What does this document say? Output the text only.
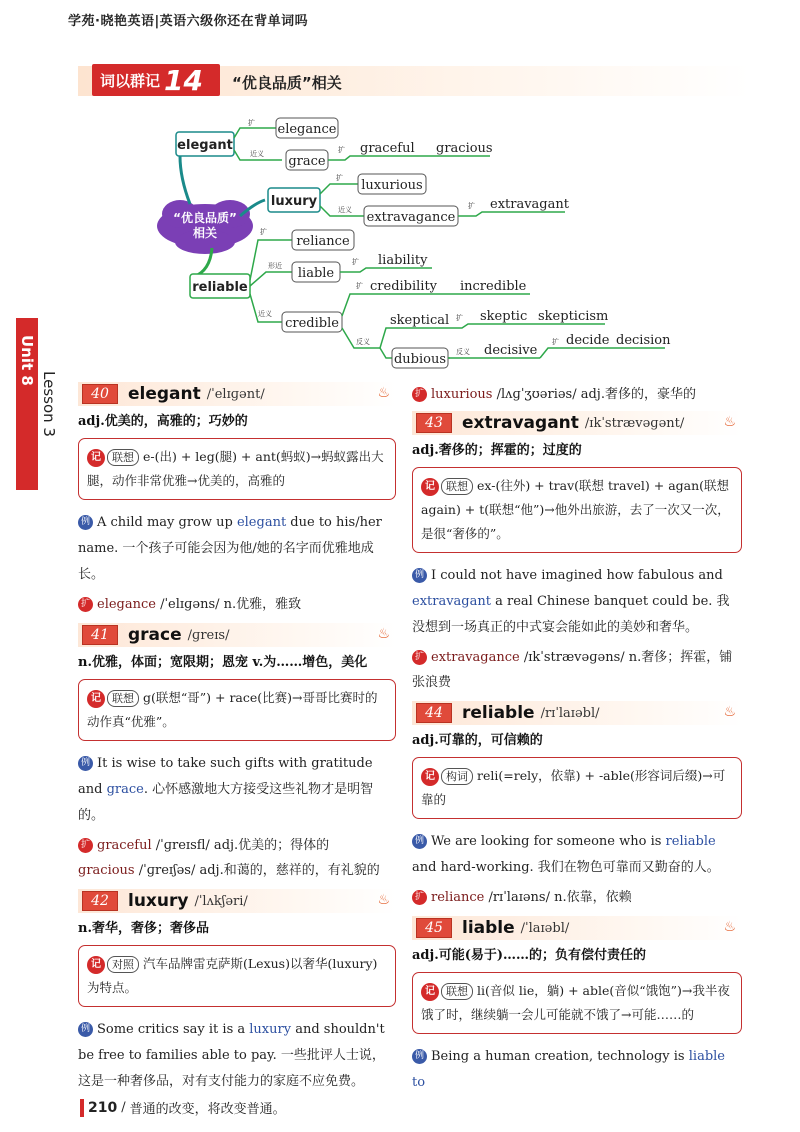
学苑·晓艳英语|英语六级你还在背单词吗
词以群记 14 “优良品质”相关
Unit 8
Lesson 3
“优良品质”相关
elegant
扩
近义
elegance
grace
扩 graceful gracious
luxury
扩
近义
luxurious
extravagance
扩 extravagant
reliable
扩
形近
近义
reliance
liable
扩 liability
credible
扩 credibility incredible
反义
skeptical 扩 skeptic skepticism
dubious 反义 decisive
扩 decide decision
40	elegant /ˈelɪɡənt/	♨
adj.优美的，高雅的；巧妙的
记 联想 e-(出) + leg(腿) + ant(蚂蚁)→蚂蚁露出大腿，动作非常优雅→优美的，高雅的
例 A child may grow up elegant due to his/her name. 一个孩子可能会因为他/她的名字而优雅地成长。
扩 elegance /ˈelɪɡəns/ n.优雅，雅致
41	grace /ɡreɪs/	♨
n.优雅，体面；宽限期；恩宠 v.为……增色，美化
记 联想 g(联想“哥”) + race(比赛)→哥哥比赛时的动作真“优雅”。
例 It is wise to take such gifts with gratitude and grace. 心怀感激地大方接受这些礼物才是明智的。
扩 graceful /ˈɡreɪsfl/ adj.优美的；得体的
gracious /ˈɡreɪʃəs/ adj.和蔼的，慈祥的，有礼貌的
42	luxury /ˈlʌkʃəri/	♨
n.奢华，奢侈；奢侈品
记 对照 汽车品牌雷克萨斯(Lexus)以奢华(luxury)为特点。
例 Some critics say it is a luxury and shouldn't be free to families able to pay. 一些批评人士说，这是一种奢侈品，对有支付能力的家庭不应免费。
扩 luxurious /lʌɡˈʒʊəriəs/ adj.奢侈的，豪华的
43	extravagant /ɪkˈstrævəɡənt/	♨
adj.奢侈的；挥霍的；过度的
记 联想 ex-(往外) + trav(联想 travel) + agan(联想 again) + t(联想“他”)→他外出旅游，去了一次又一次，是很“奢侈的”。
例 I could not have imagined how fabulous and extravagant a real Chinese banquet could be. 我没想到一场真正的中式宴会能如此的美妙和奢华。
扩 extravagance /ɪkˈstrævəɡəns/ n.奢侈；挥霍，铺张浪费
44	reliable /rɪˈlaɪəbl/	♨
adj.可靠的，可信赖的
记 构词 reli(=rely，依靠) + -able(形容词后缀)→可靠的
例 We are looking for someone who is reliable and hard-working. 我们在物色可靠而又勤奋的人。
扩 reliance /rɪˈlaɪəns/ n.依靠，依赖
45	liable /ˈlaɪəbl/	♨
adj.可能(易于)……的；负有偿付责任的
记 联想 li(音似 lie，躺) + able(音似“饿饱”)→我半夜饿了时，继续躺一会儿可能就不饿了→可能……的
例 Being a human creation, technology is liable to
210 / 普通的改变，将改变普通。
